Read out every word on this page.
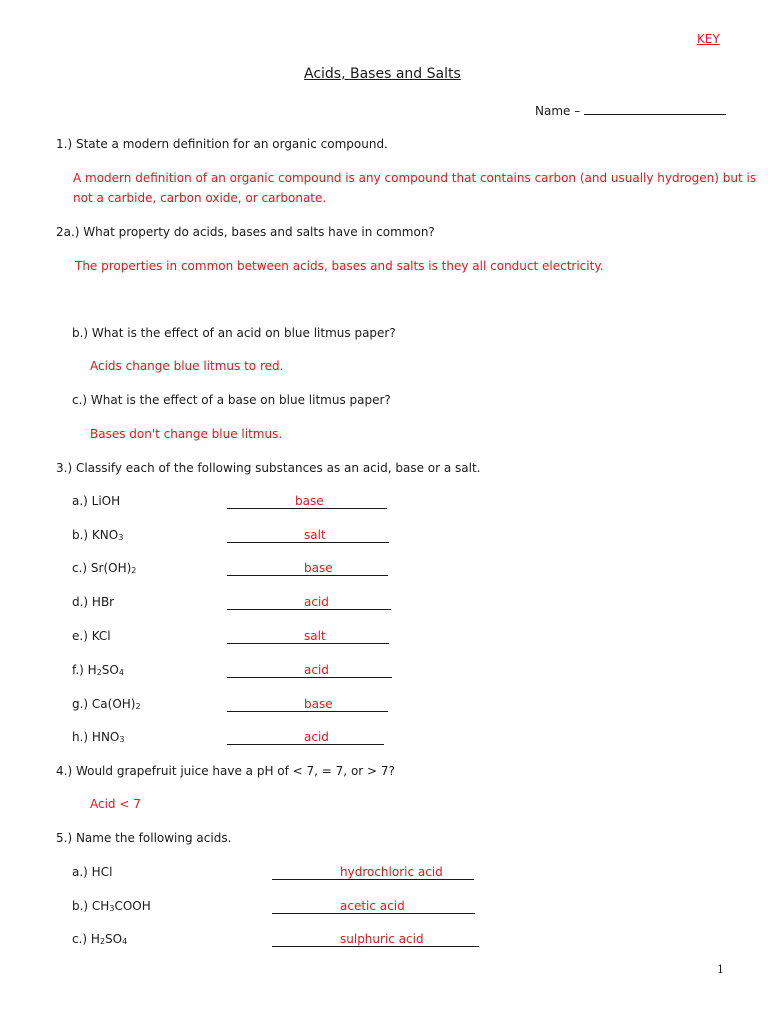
KEY
Acids, Bases and Salts
Name –
1.) State a modern definition for an organic compound.
A modern definition of an organic compound is any compound that contains carbon (and usually hydrogen) but is
not a carbide, carbon oxide, or carbonate.
2a.) What property do acids, bases and salts have in common?
The properties in common between acids, bases and salts is they all conduct electricity.
b.) What is the effect of an acid on blue litmus paper?
Acids change blue litmus to red.
c.) What is the effect of a base on blue litmus paper?
Bases don't change blue litmus.
3.) Classify each of the following substances as an acid, base or a salt.
a.) LiOH	base
b.) $KNO_3$	salt
c.) $Sr(OH)_2$	base
d.) HBr	acid
e.) KCl	salt
f.) $H_2SO_4$	acid
g.) $Ca(OH)_2$	base
h.) $HNO_3$	acid
4.) Would grapefruit juice have a pH of < 7, = 7, or > 7?
Acid < 7
5.) Name the following acids.
a.) HCl	hydrochloric acid
b.) $CH_3COOH$	acetic acid
c.) $H_2SO_4$	sulphuric acid
1
